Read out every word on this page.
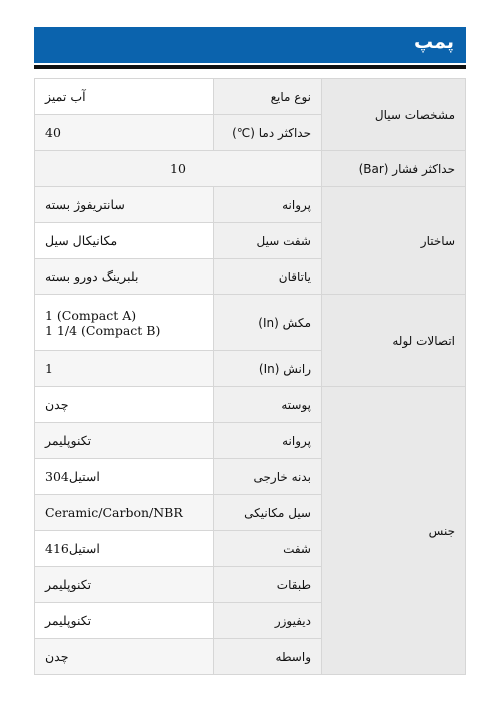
پمپ
مشخصات سیال	نوع مایع	آب تمیز
	حداکثر دما (℃)	40
حداکثر فشار (Bar)	10	
ساختار	پروانه	سانتریفوژ بسته
	شفت سیل	مکانیکال سیل
	یاتاقان	بلبرینگ دورو بسته
اتصالات لوله	مکش (In)	1 (Compact A)
1 1/4 (Compact B)

	رانش (In)	1
جنس	پوسته	چدن
	پروانه	تکنوپلیمر
	بدنه خارجی	استیل304
	سیل مکانیکی	Ceramic/Carbon/NBR
	شفت	استیل416
	طبقات	تکنوپلیمر
	دیفیوزر	تکنوپلیمر
	واسطه	چدن
